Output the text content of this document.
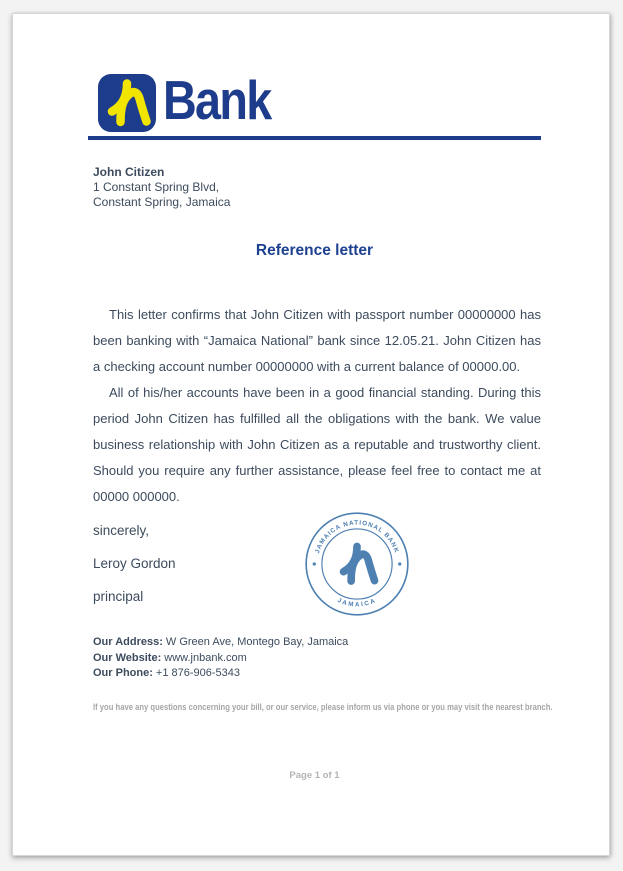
Bank
John Citizen
1 Constant Spring Blvd,
Constant Spring, Jamaica
Reference letter

This letter confirms that John Citizen with passport number 00000000 has been banking with “Jamaica National” bank since 12.05.21. John Citizen has a checking account number 00000000 with a current balance of 00000.00.

All of his/her accounts have been in a good financial standing. During this period John Citizen has fulfilled all the obligations with the bank. We value business relationship with John Citizen as a reputable and trustworthy client. Should you require any further assistance, please feel free to contact me at 00000 000000.

sincerely,
Leroy Gordon
principal
JAMAICA NATIONAL BANK
JAMAICA
Our Address: W Green Ave, Montego Bay, Jamaica
Our Website: www.jnbank.com
Our Phone: +1 876-906-5343
If you have any questions concerning your bill, or our service, please inform us via phone or you may visit the nearest branch.
Page 1 of 1
